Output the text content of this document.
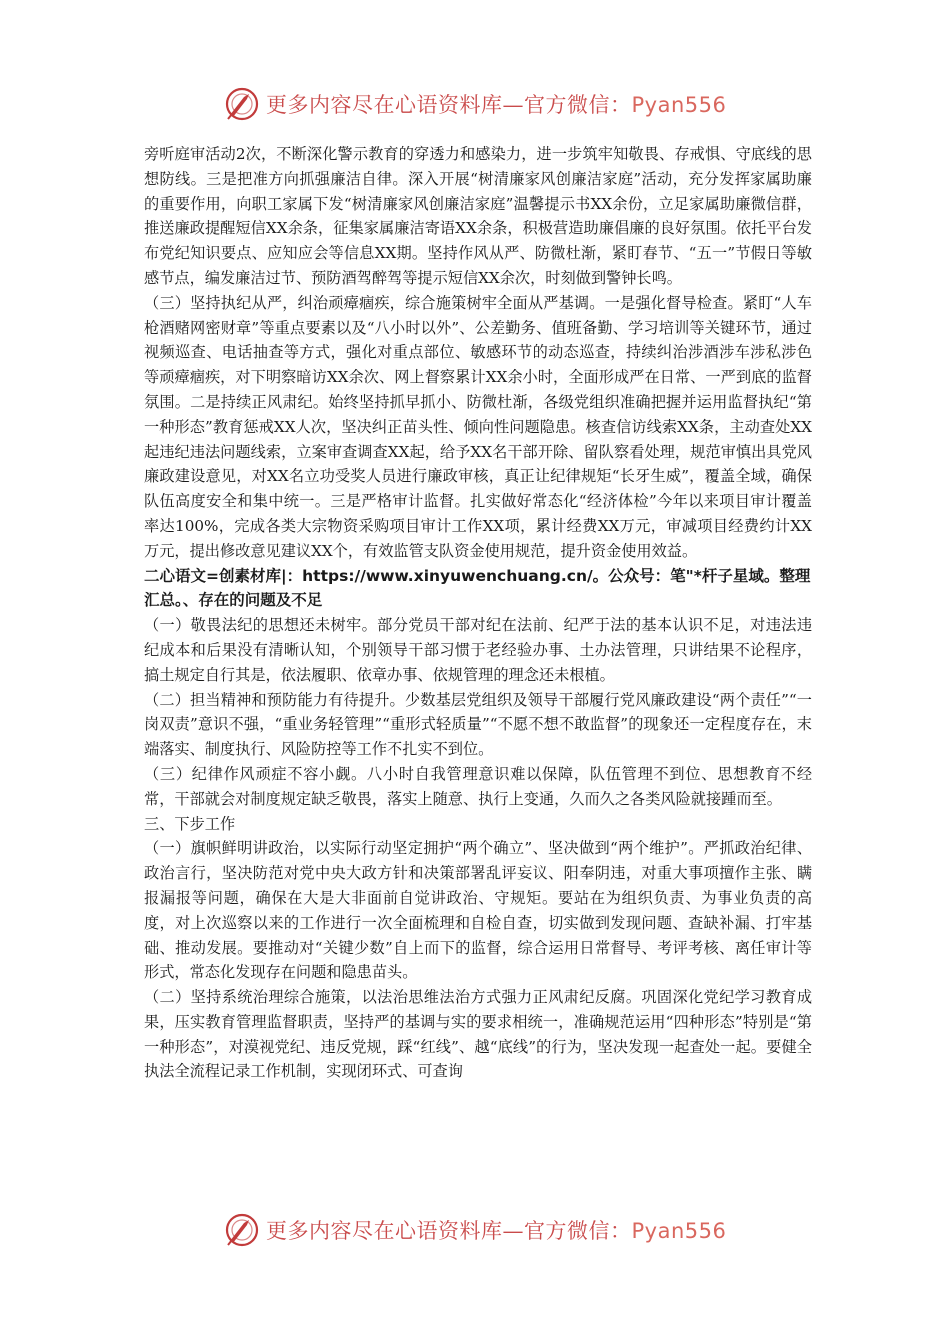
更多内容尽在心语资料库—官方微信：Pyan556

旁听庭审活动2次，不断深化警示教育的穿透力和感染力，进一步筑牢知敬畏、存戒惧、守底线的思想防线。三是把准方向抓强廉洁自律。深入开展“树清廉家风创廉洁家庭”活动，充分发挥家属助廉的重要作用，向职工家属下发“树清廉家风创廉洁家庭”温馨提示书XX余份，立足家属助廉微信群，推送廉政提醒短信XX余条，征集家属廉洁寄语XX余条，积极营造助廉倡廉的良好氛围。依托平台发布党纪知识要点、应知应会等信息XX期。坚持作风从严、防微杜渐，紧盯春节、“五一”节假日等敏感节点，编发廉洁过节、预防酒驾醉驾等提示短信XX余次，时刻做到警钟长鸣。

（三）坚持执纪从严，纠治顽瘴痼疾，综合施策树牢全面从严基调。一是强化督导检查。紧盯“人车枪酒赌网密财章”等重点要素以及“八小时以外”、公差勤务、值班备勤、学习培训等关键环节，通过视频巡查、电话抽查等方式，强化对重点部位、敏感环节的动态巡查，持续纠治涉酒涉车涉私涉色等顽瘴痼疾，对下明察暗访XX余次、网上督察累计XX余小时，全面形成严在日常、一严到底的监督氛围。二是持续正风肃纪。始终坚持抓早抓小、防微杜渐，各级党组织准确把握并运用监督执纪“第一种形态”教育惩戒XX人次，坚决纠正苗头性、倾向性问题隐患。核查信访线索XX条，主动查处XX起违纪违法问题线索，立案审查调查XX起，给予XX名干部开除、留队察看处理，规范审慎出具党风廉政建设意见，对XX名立功受奖人员进行廉政审核，真正让纪律规矩“长牙生威”，覆盖全域，确保队伍高度安全和集中统一。三是严格审计监督。扎实做好常态化“经济体检”今年以来项目审计覆盖率达100%，完成各类大宗物资采购项目审计工作XX项，累计经费XX万元，审减项目经费约计XX万元，提出修改意见建议XX个，有效监管支队资金使用规范，提升资金使用效益。

二心语文=创素材库|：https://www.xinyuwenchuang.cn/。公众号：笔"*杆子星域。整理汇总。、存在的问题及不足

（一）敬畏法纪的思想还未树牢。部分党员干部对纪在法前、纪严于法的基本认识不足，对违法违纪成本和后果没有清晰认知，个别领导干部习惯于老经验办事、土办法管理，只讲结果不论程序，搞土规定自行其是，依法履职、依章办事、依规管理的理念还未根植。

（二）担当精神和预防能力有待提升。少数基层党组织及领导干部履行党风廉政建设“两个责任”“一岗双责”意识不强，“重业务轻管理”“重形式轻质量”“不愿不想不敢监督”的现象还一定程度存在，末端落实、制度执行、风险防控等工作不扎实不到位。

（三）纪律作风顽症不容小觑。八小时自我管理意识难以保障，队伍管理不到位、思想教育不经常，干部就会对制度规定缺乏敬畏，落实上随意、执行上变通，久而久之各类风险就接踵而至。

三、下步工作

（一）旗帜鲜明讲政治，以实际行动坚定拥护“两个确立”、坚决做到“两个维护”。严抓政治纪律、政治言行，坚决防范对党中央大政方针和决策部署乱评妄议、阳奉阴违，对重大事项擅作主张、瞒报漏报等问题，确保在大是大非面前自觉讲政治、守规矩。要站在为组织负责、为事业负责的高度，对上次巡察以来的工作进行一次全面梳理和自检自查，切实做到发现问题、查缺补漏、打牢基础、推动发展。要推动对“关键少数”自上而下的监督，综合运用日常督导、考评考核、离任审计等形式，常态化发现存在问题和隐患苗头。

（二）坚持系统治理综合施策，以法治思维法治方式强力正风肃纪反腐。巩固深化党纪学习教育成果，压实教育管理监督职责，坚持严的基调与实的要求相统一，准确规范运用“四种形态”特别是“第一种形态”，对漠视党纪、违反党规，踩“红线”、越“底线”的行为，坚决发现一起查处一起。要健全执法全流程记录工作机制，实现闭环式、可查询

更多内容尽在心语资料库—官方微信：Pyan556
